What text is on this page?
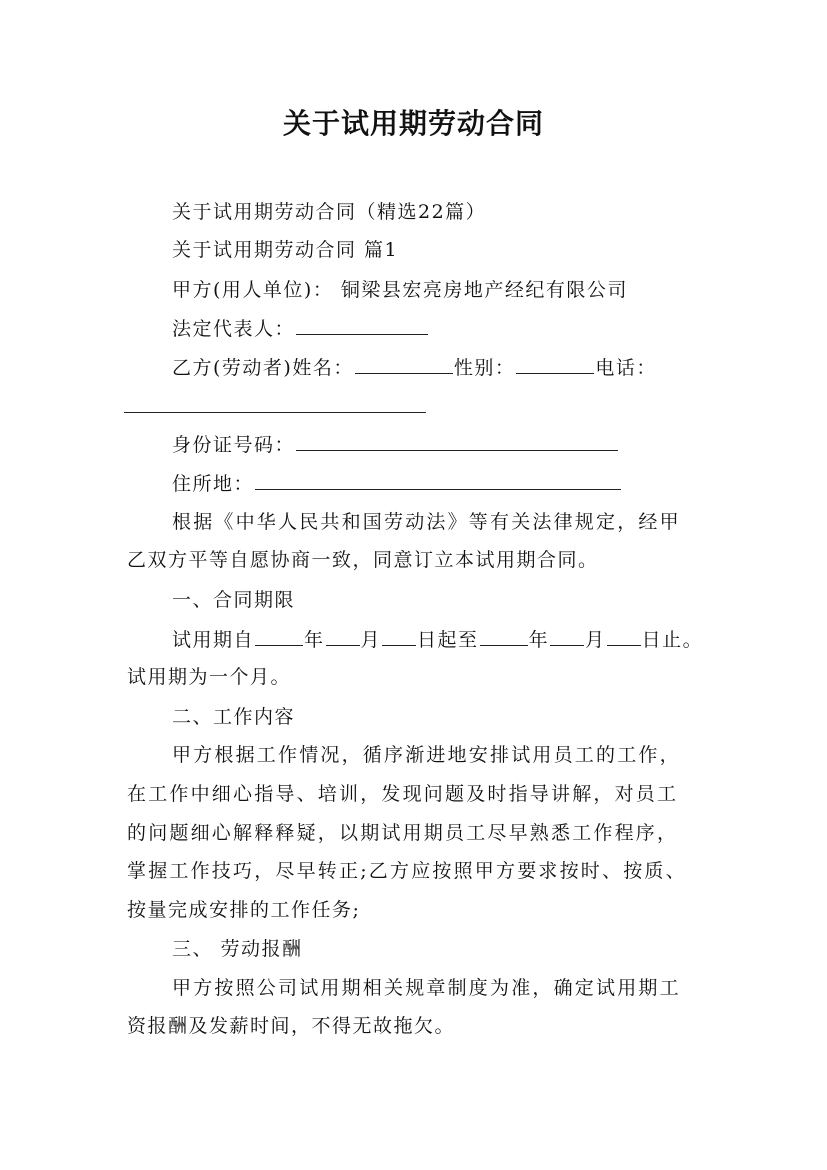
关于试用期劳动合同
关于试用期劳动合同（精选22篇）
关于试用期劳动合同 篇1
甲方(用人单位)： 铜梁县宏亮房地产经纪有限公司
法定代表人：
乙方(劳动者)姓名：	性别：	电话：
身份证号码：
住所地：
根据《中华人民共和国劳动法》等有关法律规定，经甲
乙双方平等自愿协商一致，同意订立本试用期合同。
一、合同期限
试用期自	年 月 日起至	年 月 日止。
试用期为一个月。
二、工作内容
甲方根据工作情况，循序渐进地安排试用员工的工作，
在工作中细心指导、培训，发现问题及时指导讲解，对员工
的问题细心解释释疑，以期试用期员工尽早熟悉工作程序，
掌握工作技巧，尽早转正;乙方应按照甲方要求按时、按质、
按量完成安排的工作任务;
三、 劳动报酬
甲方按照公司试用期相关规章制度为准，确定试用期工
资报酬及发薪时间，不得无故拖欠。
